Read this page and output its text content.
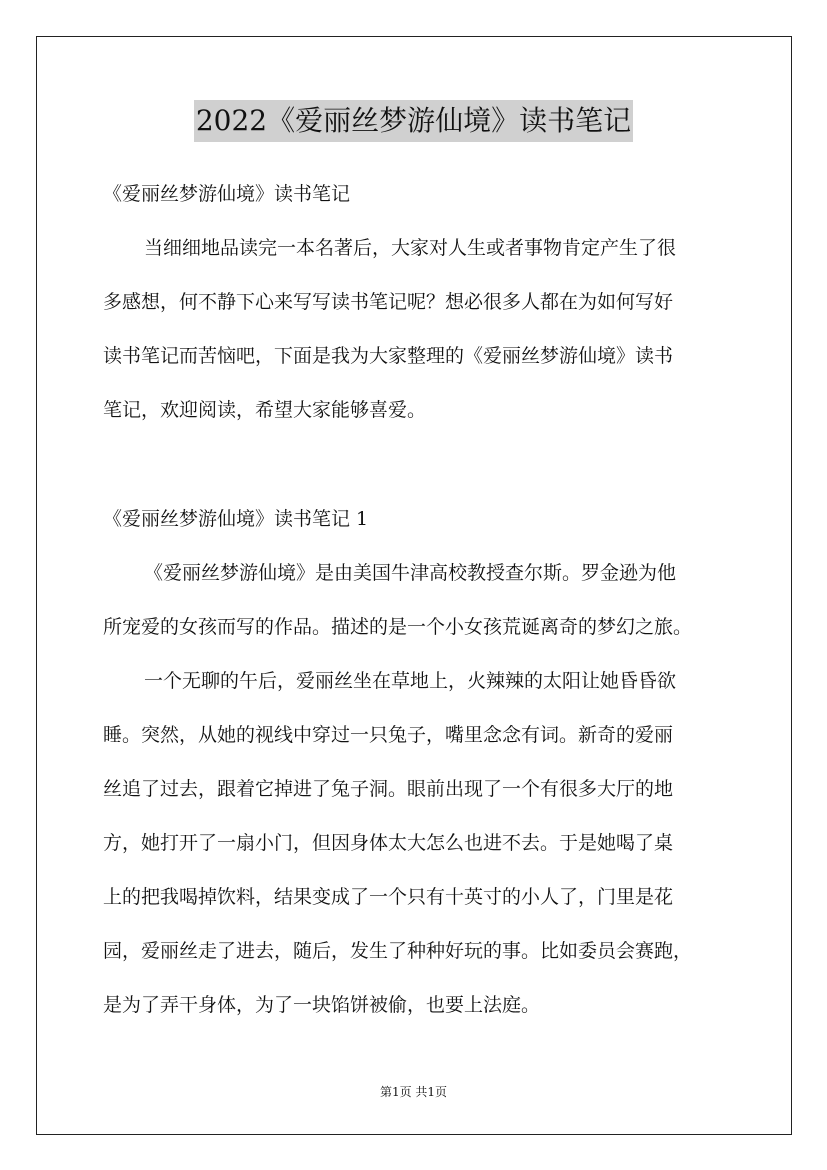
2022《爱丽丝梦游仙境》读书笔记
《爱丽丝梦游仙境》读书笔记
当细细地品读完一本名著后，大家对人生或者事物肯定产生了很
多感想，何不静下心来写写读书笔记呢？想必很多人都在为如何写好
读书笔记而苦恼吧，下面是我为大家整理的《爱丽丝梦游仙境》读书
笔记，欢迎阅读，希望大家能够喜爱。
《爱丽丝梦游仙境》读书笔记 1
《爱丽丝梦游仙境》是由美国牛津高校教授查尔斯。罗金逊为他
所宠爱的女孩而写的作品。描述的是一个小女孩荒诞离奇的梦幻之旅。
一个无聊的午后，爱丽丝坐在草地上，火辣辣的太阳让她昏昏欲
睡。突然，从她的视线中穿过一只兔子，嘴里念念有词。新奇的爱丽
丝追了过去，跟着它掉进了兔子洞。眼前出现了一个有很多大厅的地
方，她打开了一扇小门，但因身体太大怎么也进不去。于是她喝了桌
上的把我喝掉饮料，结果变成了一个只有十英寸的小人了，门里是花
园，爱丽丝走了进去，随后，发生了种种好玩的事。比如委员会赛跑，
是为了弄干身体，为了一块馅饼被偷，也要上法庭。
第1页 共1页
